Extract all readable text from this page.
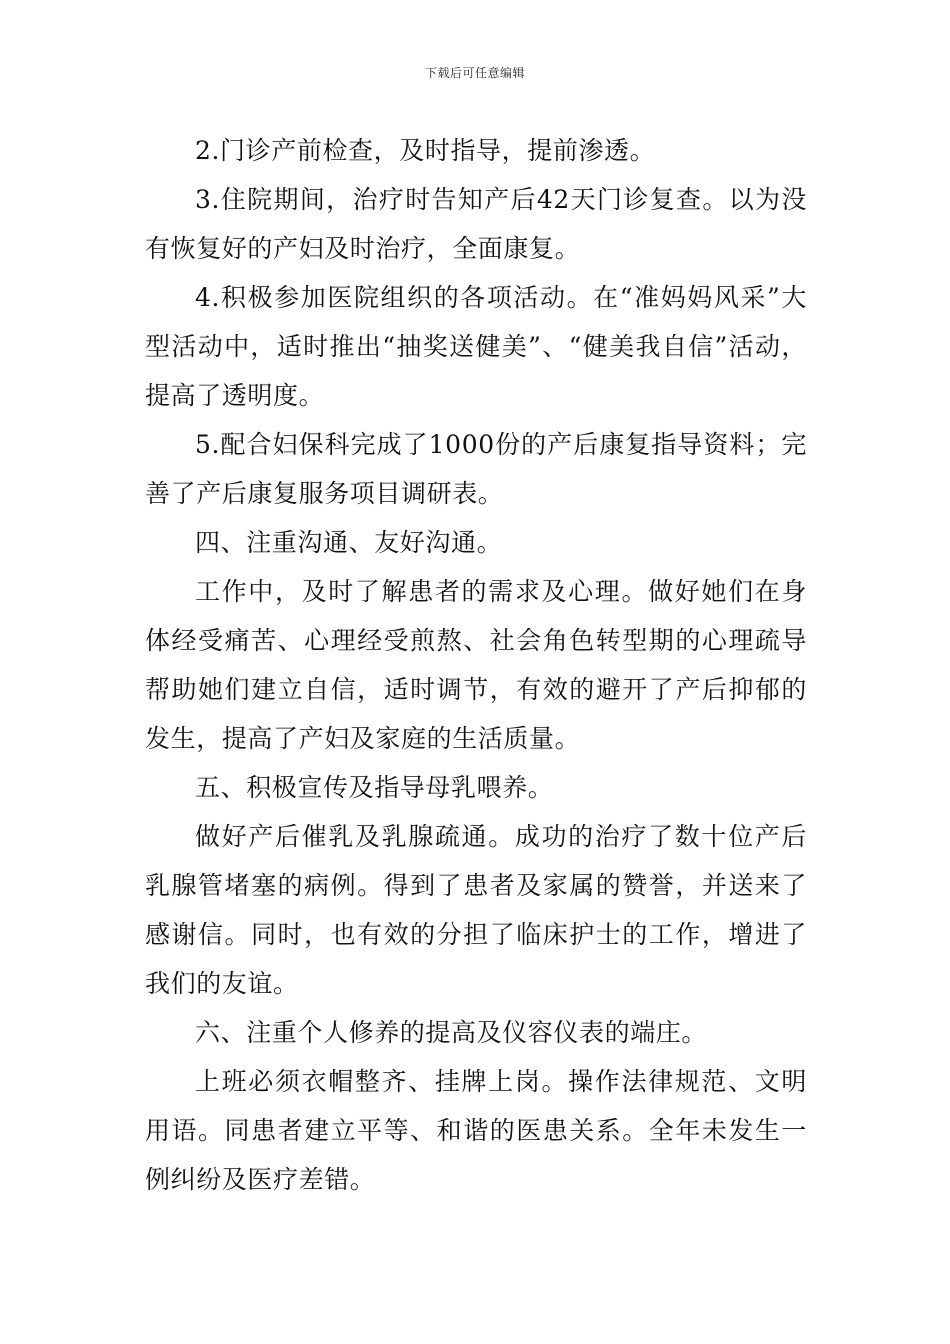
下载后可任意编辑

2.门诊产前检查，及时指导，提前渗透。

3.住院期间，治疗时告知产后42天门诊复查。以为没有恢复好的产妇及时治疗，全面康复。

4.积极参加医院组织的各项活动。在“准妈妈风采”大型活动中，适时推出“抽奖送健美”、“健美我自信”活动，提高了透明度。

5.配合妇保科完成了1000份的产后康复指导资料；完善了产后康复服务项目调研表。

四、注重沟通、友好沟通。

工作中，及时了解患者的需求及心理。做好她们在身体经受痛苦、心理经受煎熬、社会角色转型期的心理疏导帮助她们建立自信，适时调节，有效的避开了产后抑郁的发生，提高了产妇及家庭的生活质量。

五、积极宣传及指导母乳喂养。

做好产后催乳及乳腺疏通。成功的治疗了数十位产后乳腺管堵塞的病例。得到了患者及家属的赞誉，并送来了感谢信。同时，也有效的分担了临床护士的工作，增进了我们的友谊。

六、注重个人修养的提高及仪容仪表的端庄。

上班必须衣帽整齐、挂牌上岗。操作法律规范、文明用语。同患者建立平等、和谐的医患关系。全年未发生一例纠纷及医疗差错。
